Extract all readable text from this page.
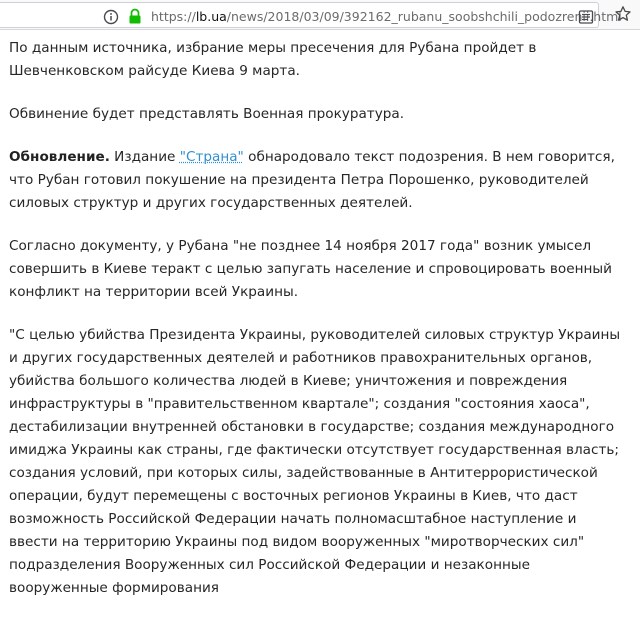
https://lb.ua/news/2018/03/09/392162_rubanu_soobshchili_podozrenii.html

По данным источника, избрание меры пресечения для Рубана пройдет в Шевченковском райсуде Киева 9 марта.

Обвинение будет представлять Военная прокуратура.

Обновление. Издание "Страна" обнародовало текст подозрения. В нем говорится, что Рубан готовил покушение на президента Петра Порошенко, руководителей силовых структур и других государственных деятелей.

Согласно документу, у Рубана "не позднее 14 ноября 2017 года" возник умысел совершить в Киеве теракт с целью запугать население и спровоцировать военный конфликт на территории всей Украины.

"С целью убийства Президента Украины, руководителей силовых структур Украины и других государственных деятелей и работников правохранительных органов, убийства большого количества людей в Киеве; уничтожения и повреждения инфраструктуры в "правительственном квартале"; создания "состояния хаоса", дестабилизации внутренней обстановки в государстве; создания международного имиджа Украины как страны, где фактически отсутствует государственная власть; создания условий, при которых силы, задействованные в Антитеррористической операции, будут перемещены с восточных регионов Украины в Киев, что даст возможность Российской Федерации начать полномасштабное наступление и ввести на территорию Украины под видом вооруженных "миротворческих сил" подразделения Вооруженных сил Российской Федерации и незаконные вооруженные формирования
